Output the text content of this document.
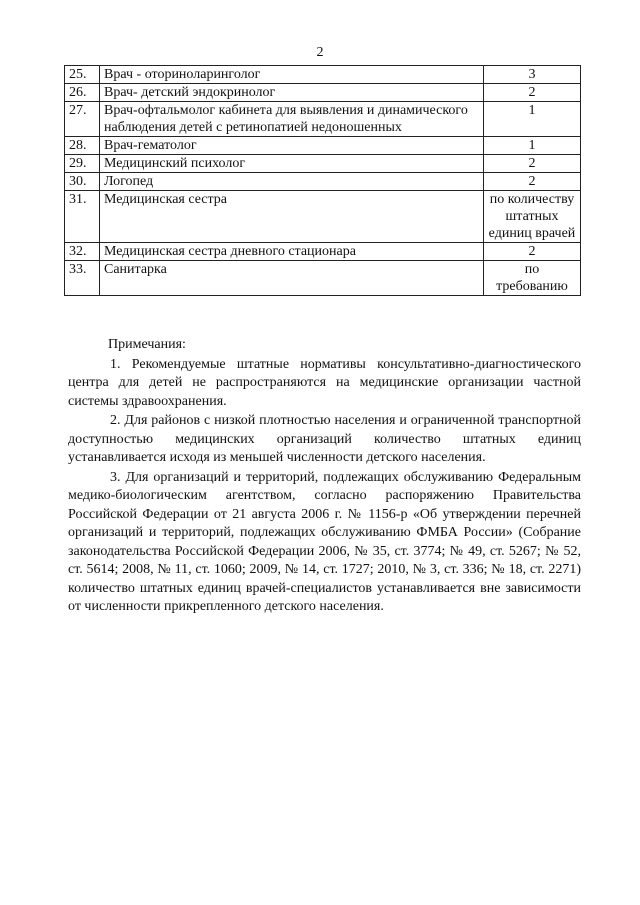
2
25.	Врач - оториноларинголог	3
26.	Врач- детский эндокринолог	2
27.	Врач-офтальмолог кабинета для выявления и динамического наблюдения детей с ретинопатией недоношенных	1
28.	Врач-гематолог	1
29.	Медицинский психолог	2
30.	Логопед	2
31.	Медицинская сестра	по количеству штатных единиц врачей
32.	Медицинская сестра дневного стационара	2
33.	Санитарка	по требованию

Примечания:

1. Рекомендуемые штатные нормативы консультативно-диагностического центра для детей не распространяются на медицинские организации частной системы здравоохранения.

2. Для районов с низкой плотностью населения и ограниченной транспортной доступностью медицинских организаций количество штатных единиц устанавливается исходя из меньшей численности детского населения.

3. Для организаций и территорий, подлежащих обслуживанию Федеральным медико-биологическим агентством, согласно распоряжению Правительства Российской Федерации от 21 августа 2006 г. № 1156-р «Об утверждении перечней организаций и территорий, подлежащих обслуживанию ФМБА России» (Собрание законодательства Российской Федерации 2006, № 35, ст. 3774; № 49, ст. 5267; № 52, ст. 5614; 2008, № 11, ст. 1060; 2009, № 14, ст. 1727; 2010, № 3, ст. 336; № 18, ст. 2271) количество штатных единиц врачей-специалистов устанавливается вне зависимости от численности прикрепленного детского населения.
